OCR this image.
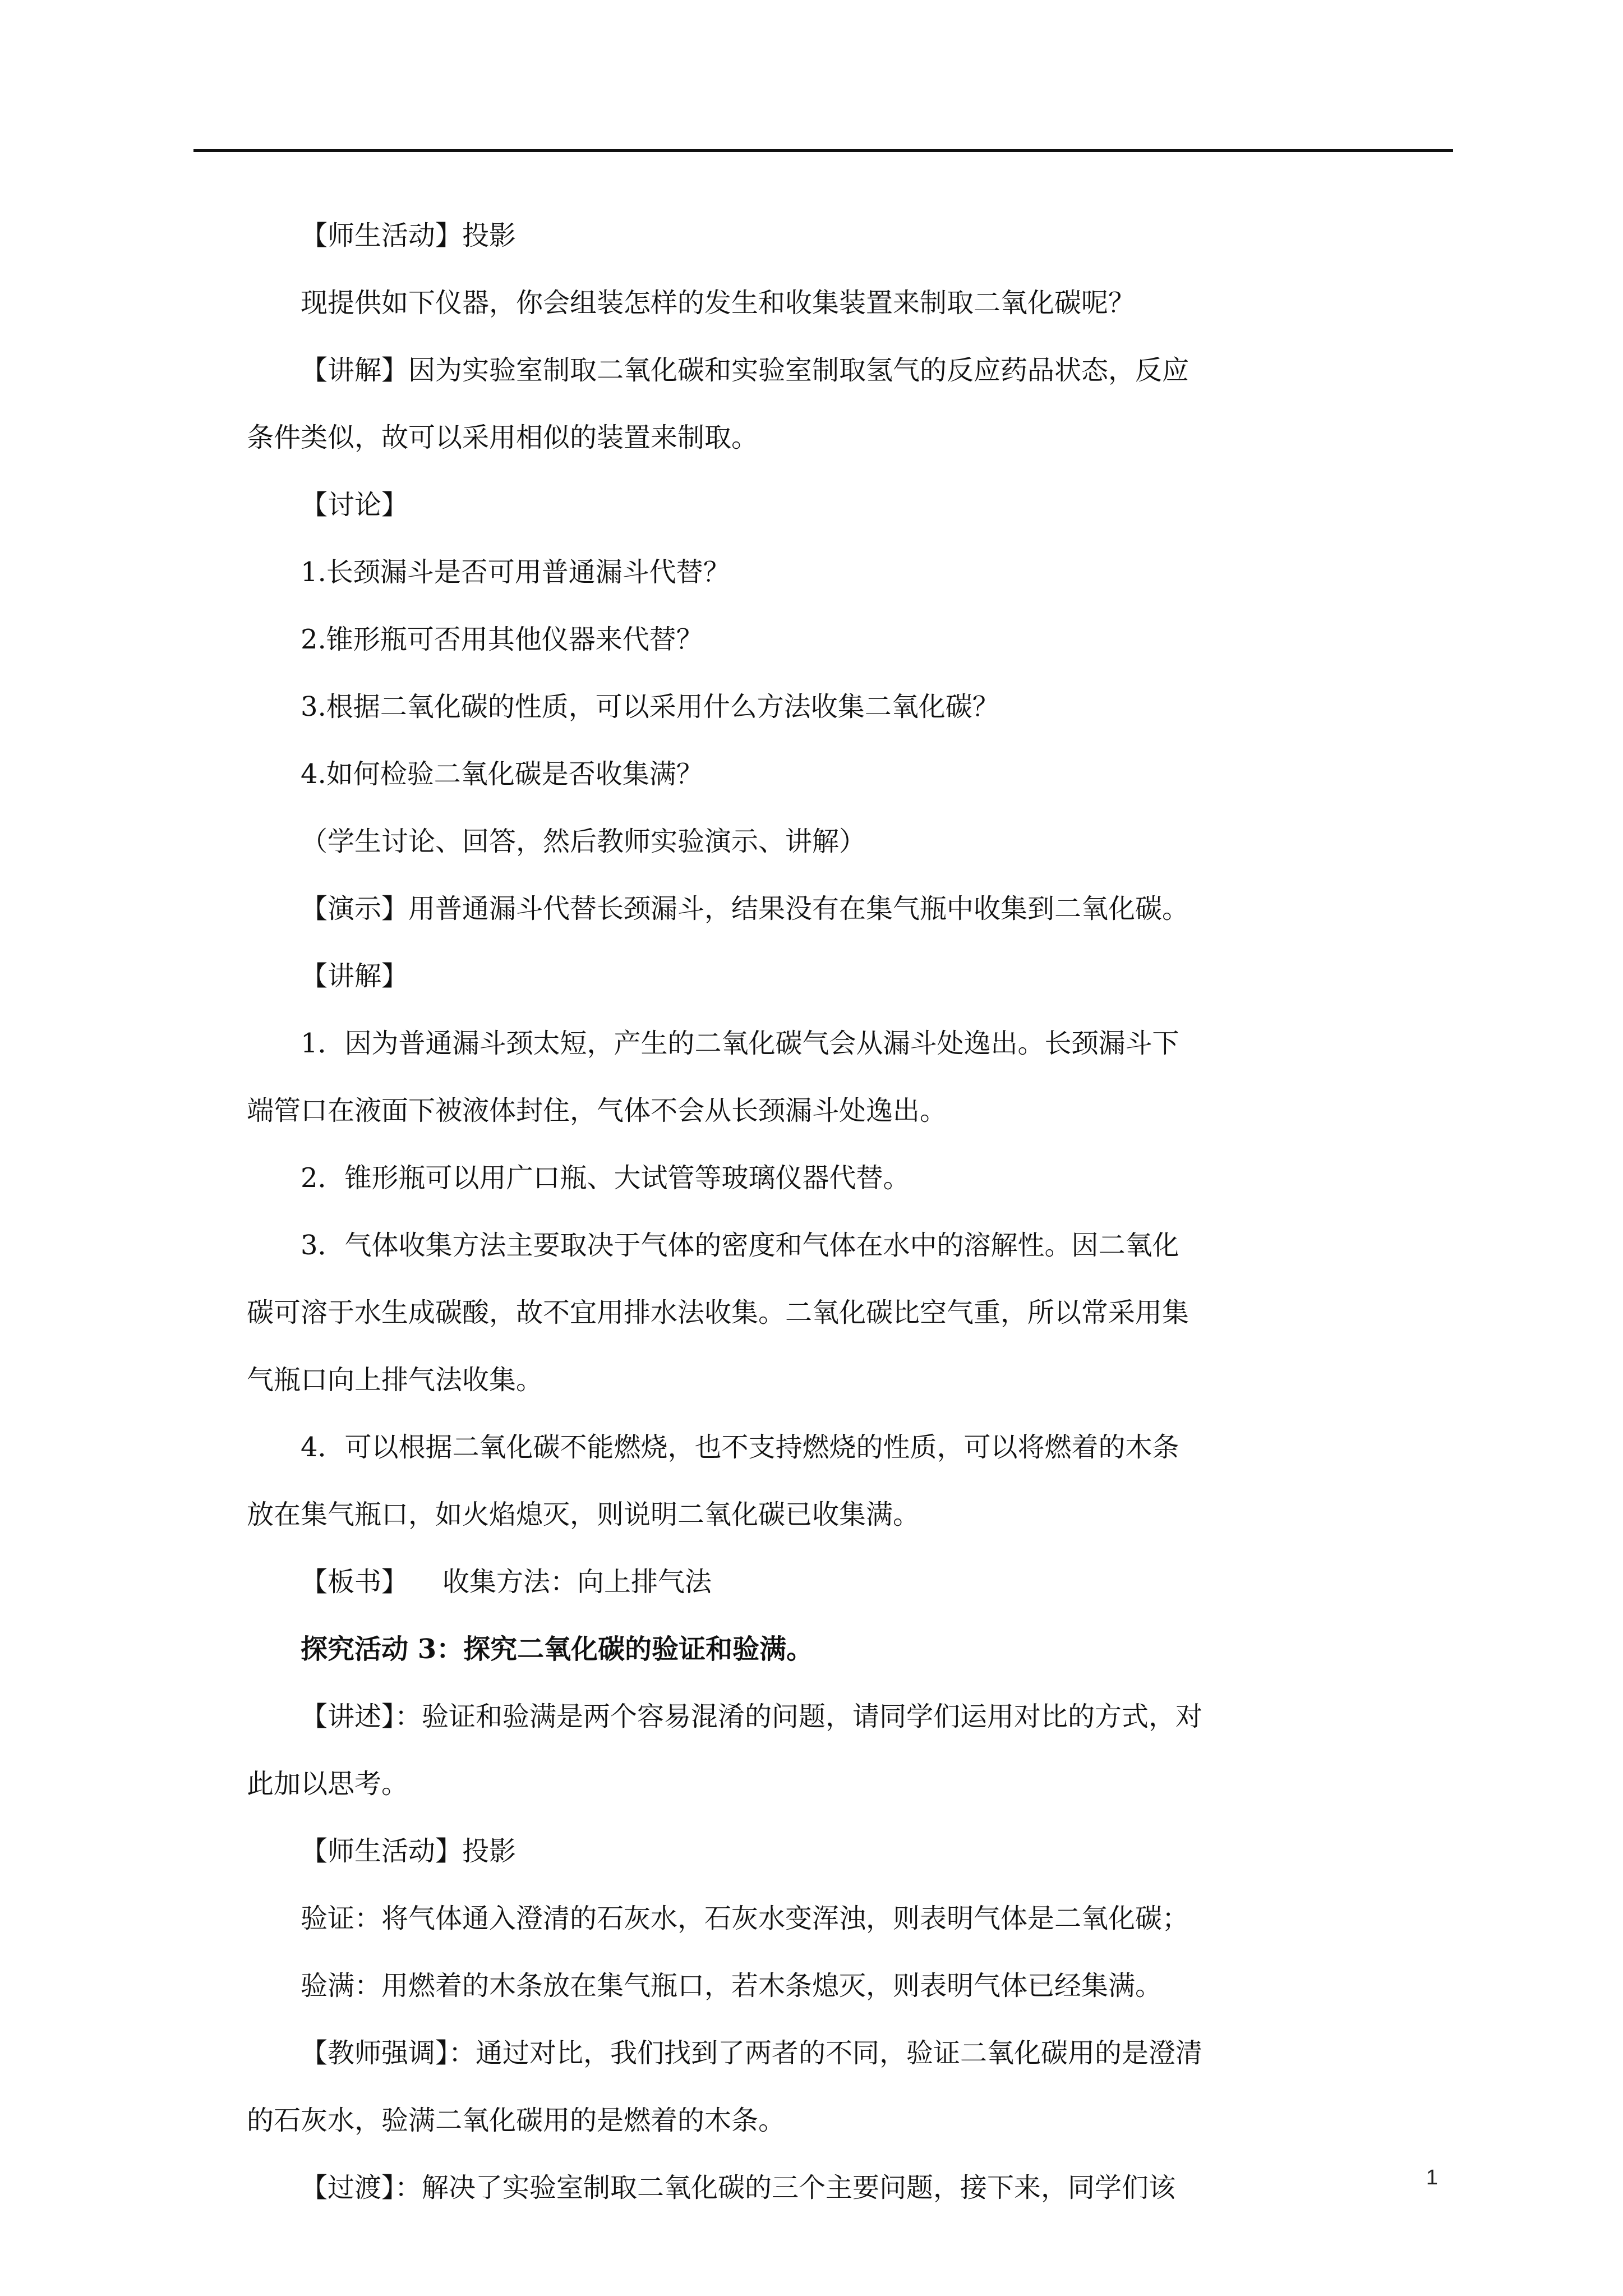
【师生活动】投影

现提供如下仪器，你会组装怎样的发生和收集装置来制取二氧化碳呢？

【讲解】因为实验室制取二氧化碳和实验室制取氢气的反应药品状态，反应条件类似，故可以采用相似的装置来制取。

【讨论】

1.长颈漏斗是否可用普通漏斗代替？

2.锥形瓶可否用其他仪器来代替？

3.根据二氧化碳的性质，可以采用什么方法收集二氧化碳？

4.如何检验二氧化碳是否收集满？

（学生讨论、回答，然后教师实验演示、讲解）

【演示】用普通漏斗代替长颈漏斗，结果没有在集气瓶中收集到二氧化碳。

【讲解】

1．因为普通漏斗颈太短，产生的二氧化碳气会从漏斗处逸出。长颈漏斗下端管口在液面下被液体封住，气体不会从长颈漏斗处逸出。

2．锥形瓶可以用广口瓶、大试管等玻璃仪器代替。

3．气体收集方法主要取决于气体的密度和气体在水中的溶解性。因二氧化碳可溶于水生成碳酸，故不宜用排水法收集。二氧化碳比空气重，所以常采用集气瓶口向上排气法收集。

4．可以根据二氧化碳不能燃烧，也不支持燃烧的性质，可以将燃着的木条放在集气瓶口，如火焰熄灭，则说明二氧化碳已收集满。

【板书】    收集方法：向上排气法

探究活动 3：探究二氧化碳的验证和验满。

【讲述】：验证和验满是两个容易混淆的问题，请同学们运用对比的方式，对此加以思考。

【师生活动】投影

验证：将气体通入澄清的石灰水，石灰水变浑浊，则表明气体是二氧化碳；

验满：用燃着的木条放在集气瓶口，若木条熄灭，则表明气体已经集满。

【教师强调】：通过对比，我们找到了两者的不同，验证二氧化碳用的是澄清的石灰水，验满二氧化碳用的是燃着的木条。

【过渡】：解决了实验室制取二氧化碳的三个主要问题，接下来，同学们该	1
